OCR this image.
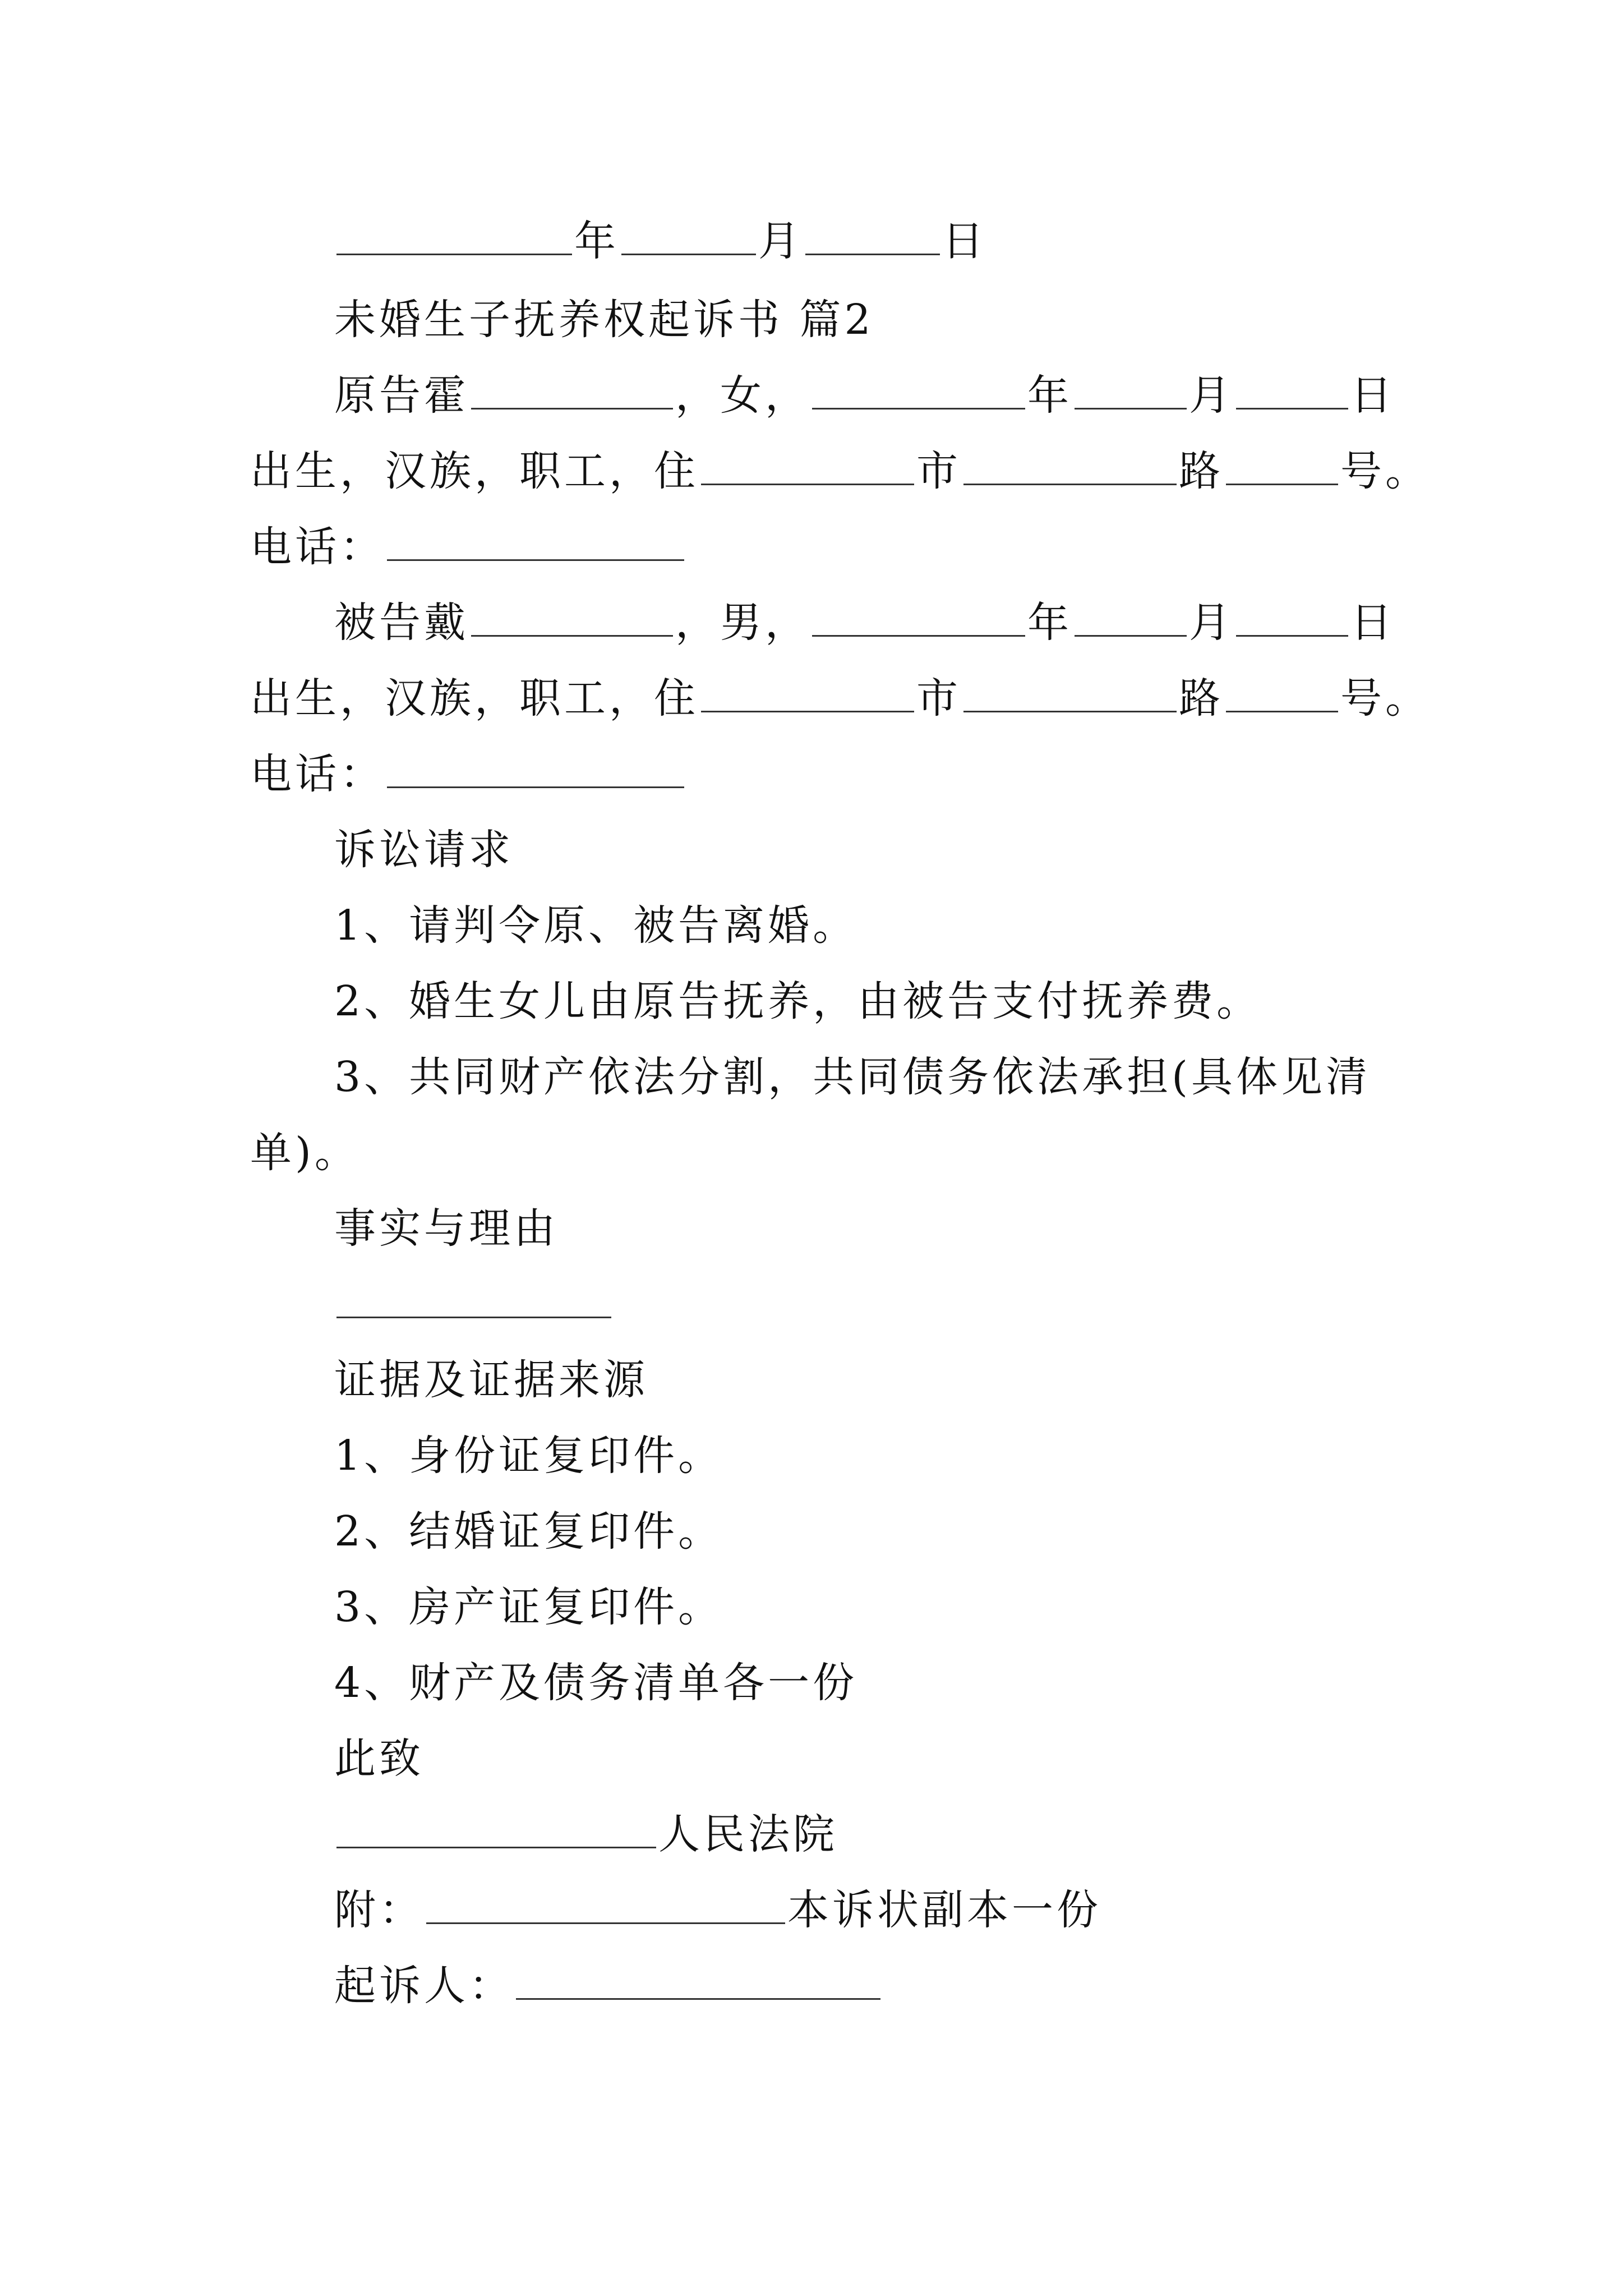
年	月	日
未婚生子抚养权起诉书 篇2
原告霍	，女，	年	月	日
出生，汉族，职工，住	市	路	号。
电话：
被告戴	，男，	年	月	日
出生，汉族，职工，住	市	路	号。
电话：
诉讼请求
1、请判令原、被告离婚。
2、婚生女儿由原告抚养，由被告支付抚养费。
3、共同财产依法分割，共同债务依法承担(具体见清
单)。
事实与理由
证据及证据来源
1、身份证复印件。
2、结婚证复印件。
3、房产证复印件。
4、财产及债务清单各一份
此致
人民法院
附：	本诉状副本一份
起诉人：
